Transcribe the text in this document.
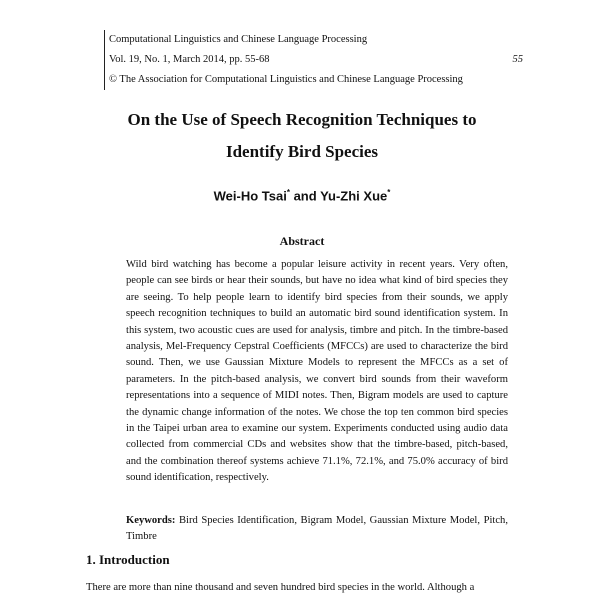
Computational Linguistics and Chinese Language Processing
Vol. 19, No. 1, March 2014, pp. 55-68	55
© The Association for Computational Linguistics and Chinese Language Processing
On the Use of Speech Recognition Techniques to
Identify Bird Species
Wei-Ho Tsai* and Yu-Zhi Xue*
Abstract
Wild bird watching has become a popular leisure activity in recent years. Very often, people can see birds or hear their sounds, but have no idea what kind of bird species they are seeing. To help people learn to identify bird species from their sounds, we apply speech recognition techniques to build an automatic bird sound identification system. In this system, two acoustic cues are used for analysis, timbre and pitch. In the timbre-based analysis, Mel-Frequency Cepstral Coefficients (MFCCs) are used to characterize the bird sound. Then, we use Gaussian Mixture Models to represent the MFCCs as a set of parameters. In the pitch-based analysis, we convert bird sounds from their waveform representations into a sequence of MIDI notes. Then, Bigram models are used to capture the dynamic change information of the notes. We chose the top ten common bird species in the Taipei urban area to examine our system. Experiments conducted using audio data collected from commercial CDs and websites show that the timbre-based, pitch-based, and the combination thereof systems achieve 71.1%, 72.1%, and 75.0% accuracy of bird sound identification, respectively.
Keywords: Bird Species Identification, Bigram Model, Gaussian Mixture Model, Pitch, Timbre
1. Introduction
There are more than nine thousand and seven hundred bird species in the world. Although a
